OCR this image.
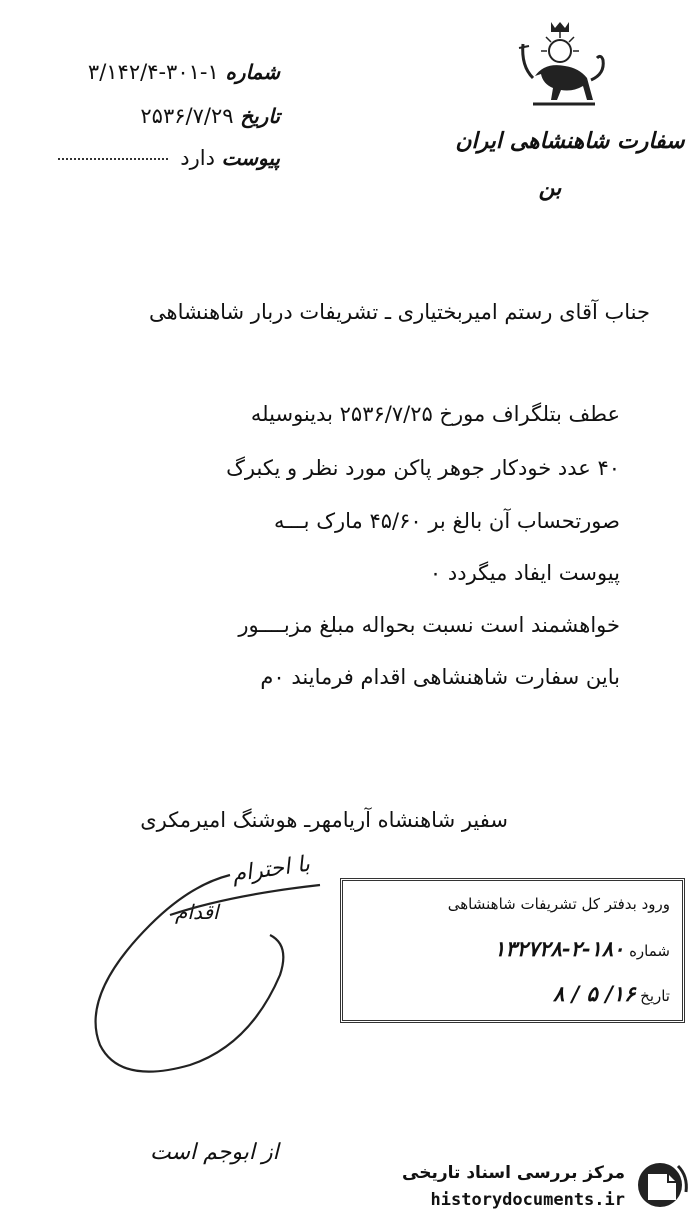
شماره ۱-۳۰۱-۳/۱۴۲/۴
تاریخ ۲۵۳۶/۷/۲۹
پیوست دارد
سفارت شاهنشاهی ایران
بن
جناب آقای رستم امیربختیاری ـ تشریفات دربار شاهنشاهی
عطف بتلگراف مورخ ۲۵۳۶/۷/۲۵ بدینوسیله
۴۰ عدد خودکار جوهر پاکن مورد نظر و یکبرگ
صورتحساب آن بالغ بر ۴۵/۶۰ مارک بـــه
پیوست ایفاد میگردد ۰
خواهشمند است نسبت بحواله مبلغ مزبــــور
باین سفارت شاهنشاهی اقدام فرمایند ۰م
سفیر شاهنشاه آریامهرـ هوشنگ امیرمکری
با احترام
اقدام
از ابوجم است
ورود بدفتر کل تشریفات شاهنشاهی
شماره ۱۸۰-۲-۱۳۲۷۲۸
تاریخ ۱۶/ ۵ / ۸
مرکز بررسی اسناد تاریخی
historydocuments.ir
